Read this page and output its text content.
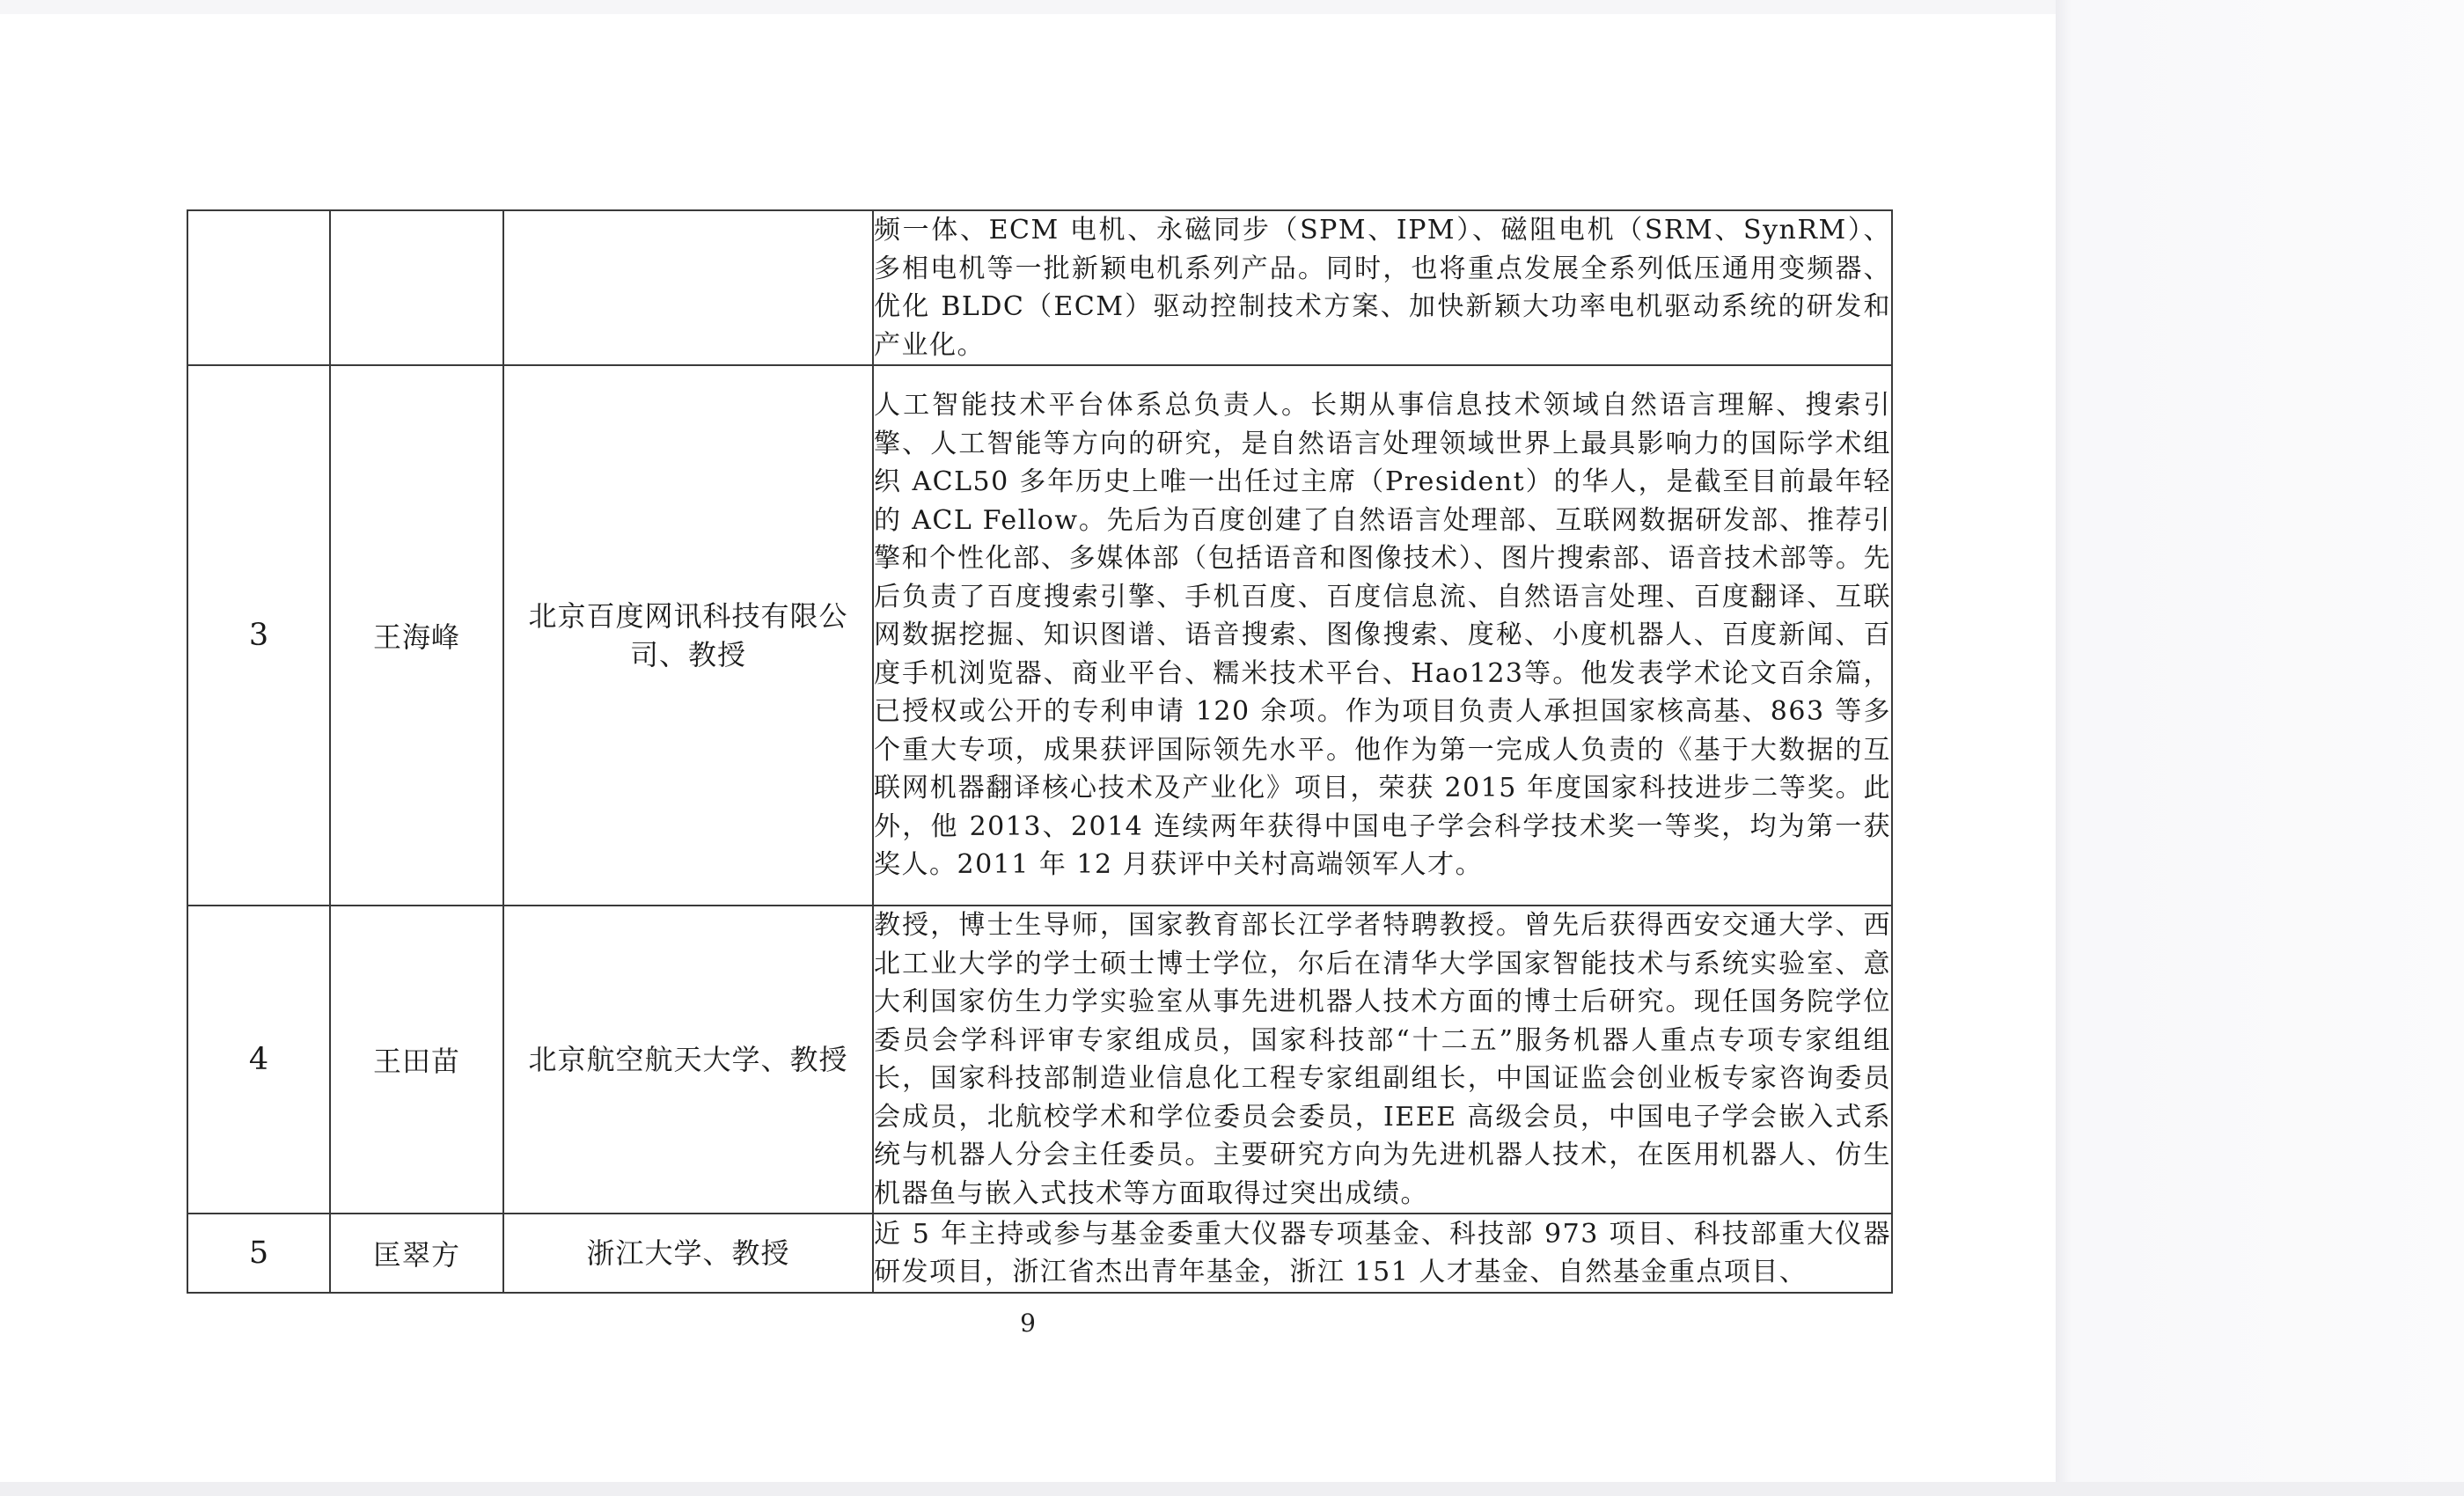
			频一体、ECM 电机、永磁同步（SPM、IPM）、磁阻电机（SRM、SynRM）、多相电机等一批新颖电机系列产品。同时，也将重点发展全系列低压通用变频器、优化 BLDC（ECM）驱动控制技术方案、加快新颖大功率电机驱动系统的研发和产业化。
3	王海峰	北京百度网讯科技有限公司、教授	人工智能技术平台体系总负责人。长期从事信息技术领域自然语言理解、搜索引擎、人工智能等方向的研究，是自然语言处理领域世界上最具影响力的国际学术组织 ACL50 多年历史上唯一出任过主席（President）的华人，是截至目前最年轻的 ACL Fellow。先后为百度创建了自然语言处理部、互联网数据研发部、推荐引擎和个性化部、多媒体部（包括语音和图像技术）、图片搜索部、语音技术部等。先后负责了百度搜索引擎、手机百度、百度信息流、自然语言处理、百度翻译、互联网数据挖掘、知识图谱、语音搜索、图像搜索、度秘、小度机器人、百度新闻、百度手机浏览器、商业平台、糯米技术平台、Hao123等。他发表学术论文百余篇，已授权或公开的专利申请 120 余项。作为项目负责人承担国家核高基、863 等多个重大专项，成果获评国际领先水平。他作为第一完成人负责的《基于大数据的互联网机器翻译核心技术及产业化》项目，荣获 2015 年度国家科技进步二等奖。此外，他 2013、2014 连续两年获得中国电子学会科学技术奖一等奖，均为第一获奖人。2011 年 12 月获评中关村高端领军人才。
4	王田苗	北京航空航天大学、教授	教授，博士生导师，国家教育部长江学者特聘教授。曾先后获得西安交通大学、西北工业大学的学士硕士博士学位，尔后在清华大学国家智能技术与系统实验室、意大利国家仿生力学实验室从事先进机器人技术方面的博士后研究。现任国务院学位委员会学科评审专家组成员，国家科技部“十二五”服务机器人重点专项专家组组长，国家科技部制造业信息化工程专家组副组长，中国证监会创业板专家咨询委员会成员，北航校学术和学位委员会委员，IEEE 高级会员，中国电子学会嵌入式系统与机器人分会主任委员。主要研究方向为先进机器人技术，在医用机器人、仿生机器鱼与嵌入式技术等方面取得过突出成绩。
5	匡翠方	浙江大学、教授	近 5 年主持或参与基金委重大仪器专项基金、科技部 973 项目、科技部重大仪器研发项目，浙江省杰出青年基金，浙江 151 人才基金、自然基金重点项目、
9
